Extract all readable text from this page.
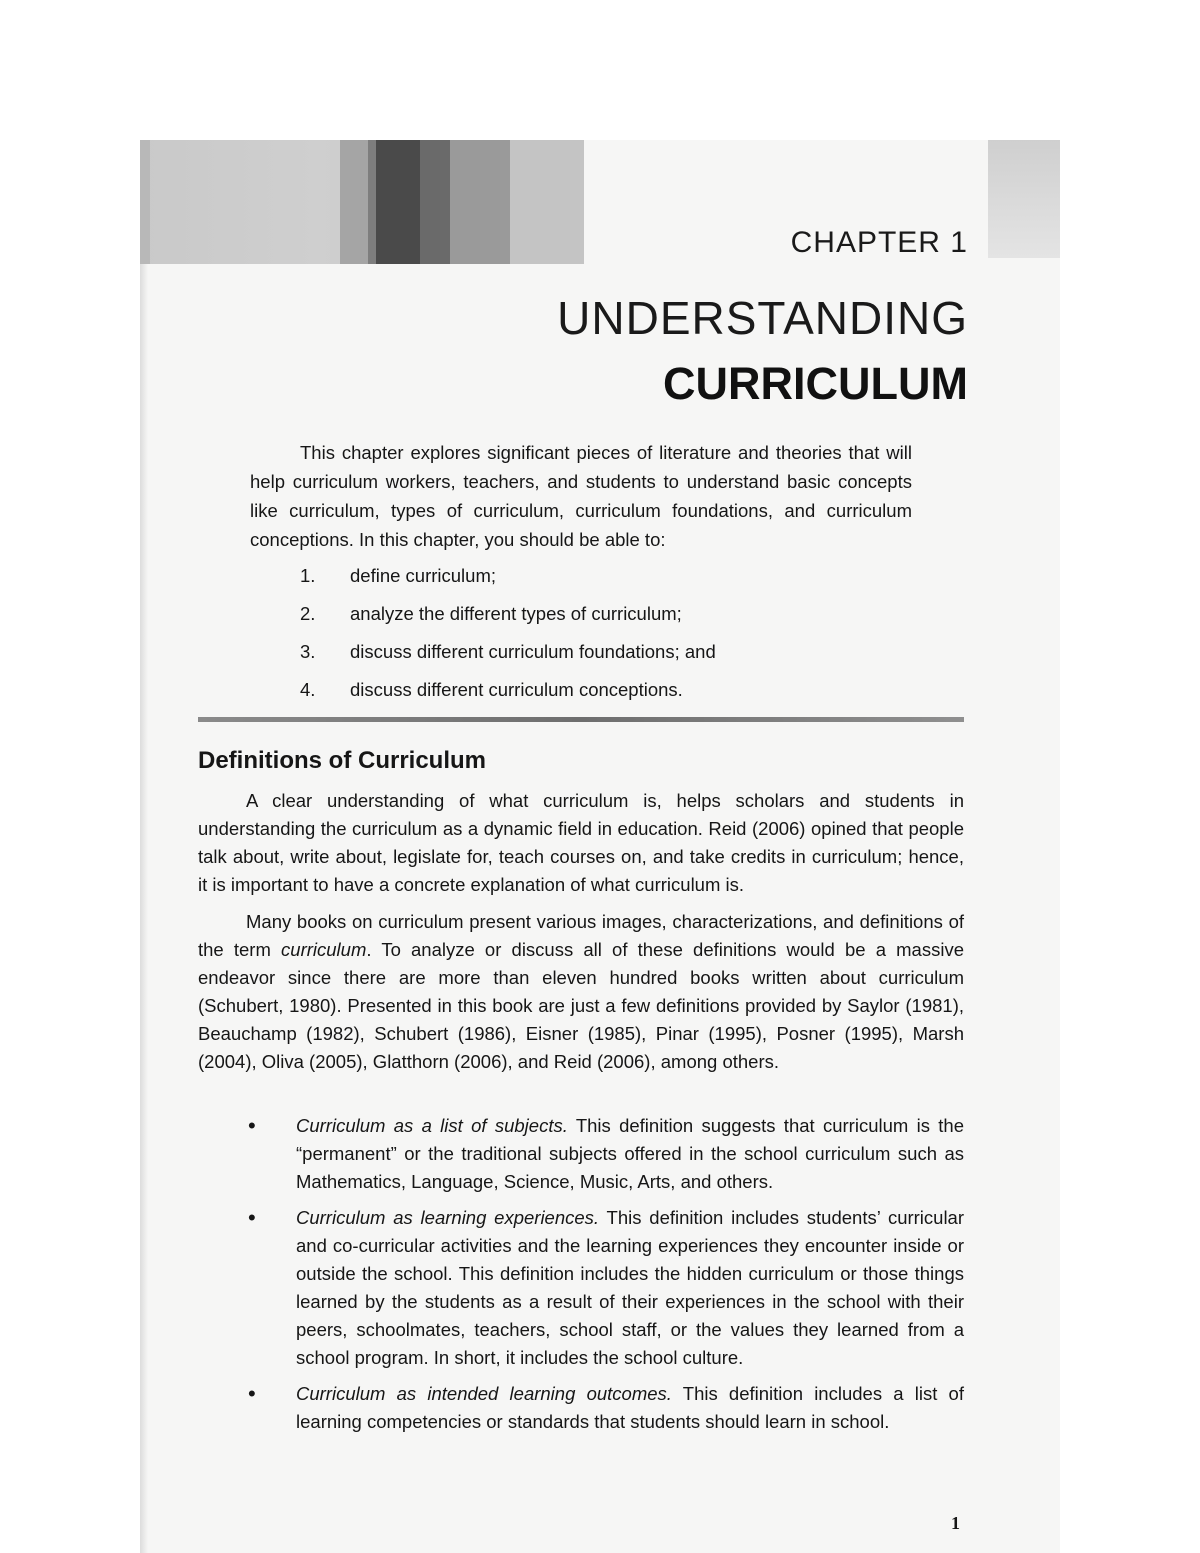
CHAPTER 1
UNDERSTANDING
CURRICULUM

This chapter explores significant pieces of literature and theories that will help curriculum workers, teachers, and students to understand basic concepts like curriculum, types of curriculum, curriculum foundations, and curriculum conceptions. In this chapter, you should be able to:

1.	define curriculum;
2.	analyze the different types of curriculum;
3.	discuss different curriculum foundations; and
4.	discuss different curriculum conceptions.
Definitions of Curriculum

A clear understanding of what curriculum is, helps scholars and students in understanding the curriculum as a dynamic field in education. Reid (2006) opined that people talk about, write about, legislate for, teach courses on, and take credits in curriculum; hence, it is important to have a concrete explanation of what curriculum is.

Many books on curriculum present various images, characterizations, and definitions of the term curriculum. To analyze or discuss all of these definitions would be a massive endeavor since there are more than eleven hundred books written about curriculum (Schubert, 1980). Presented in this book are just a few definitions provided by Saylor (1981), Beauchamp (1982), Schubert (1986), Eisner (1985), Pinar (1995), Posner (1995), Marsh (2004), Oliva (2005), Glatthorn (2006), and Reid (2006), among others.

•	Curriculum as a list of subjects. This definition suggests that curriculum is the “permanent” or the traditional subjects offered in the school curriculum such as Mathematics, Language, Science, Music, Arts, and others.
•	Curriculum as learning experiences. This definition includes students’ curricular and co-curricular activities and the learning experiences they encounter inside or outside the school. This definition includes the hidden curriculum or those things learned by the students as a result of their experiences in the school with their peers, schoolmates, teachers, school staff, or the values they learned from a school program. In short, it includes the school culture.
•	Curriculum as intended learning outcomes. This definition includes a list of learning competencies or standards that students should learn in school.
1
